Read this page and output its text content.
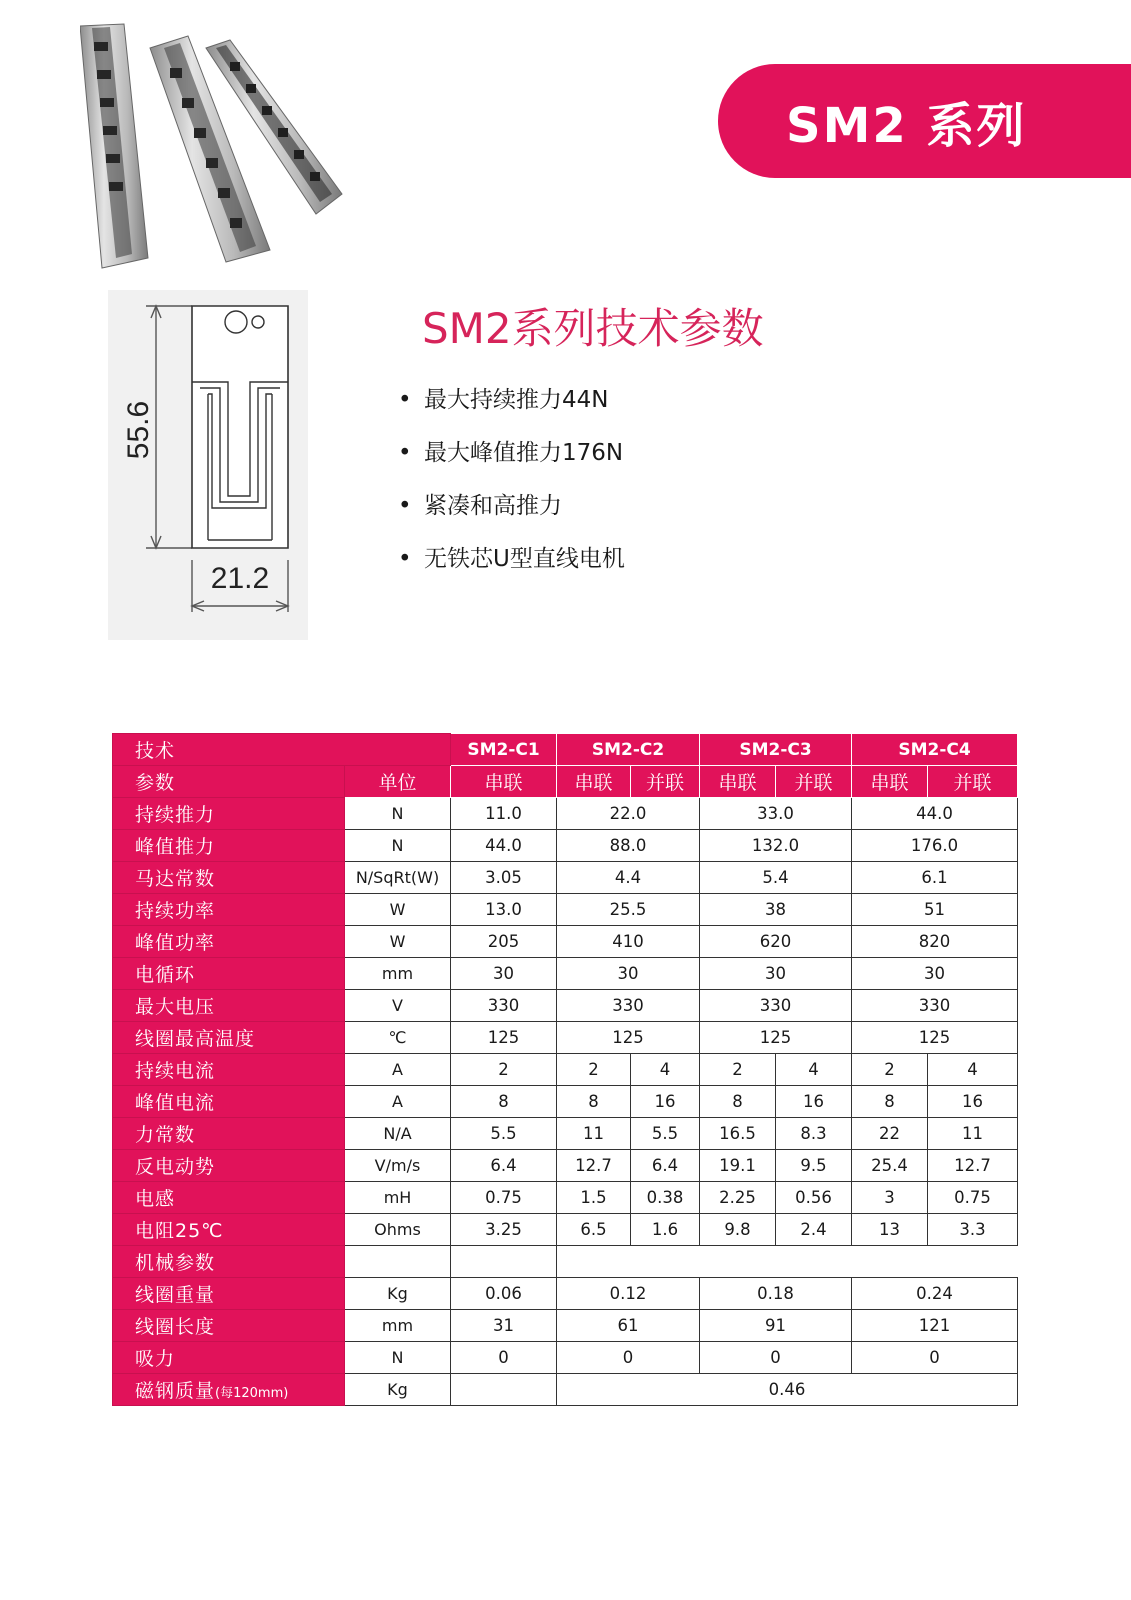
SM2 系列
55.6
21.2
SM2系列技术参数
• 最大持续推力44N
• 最大峰值推力176N
• 紧凑和高推力
• 无铁芯U型直线电机
技术		SM2-C1	SM2-C2		SM2-C3		SM2-C4	
参数	单位	串联	串联	并联	串联	并联	串联	并联
持续推力	N	11.0	22.0		33.0		44.0	
峰值推力	N	44.0	88.0		132.0		176.0	
马达常数	N/SqRt(W)	3.05	4.4		5.4		6.1	
持续功率	W	13.0	25.5		38		51	
峰值功率	W	205	410		620		820	
电循环	mm	30	30		30		30	
最大电压	V	330	330		330		330	
线圈最高温度	℃	125	125		125		125	
持续电流	A	2	2	4	2	4	2	4
峰值电流	A	8	8	16	8	16	8	16
力常数	N/A	5.5	11	5.5	16.5	8.3	22	11
反电动势	V/m/s	6.4	12.7	6.4	19.1	9.5	25.4	12.7
电感	mH	0.75	1.5	0.38	2.25	0.56	3	0.75
电阻25℃	Ohms	3.25	6.5	1.6	9.8	2.4	13	3.3
机械参数								
线圈重量	Kg	0.06	0.12		0.18		0.24	
线圈长度	mm	31	61		91		121	
吸力	N	0	0		0		0	
磁钢质量(每120mm)	Kg		0.46					
